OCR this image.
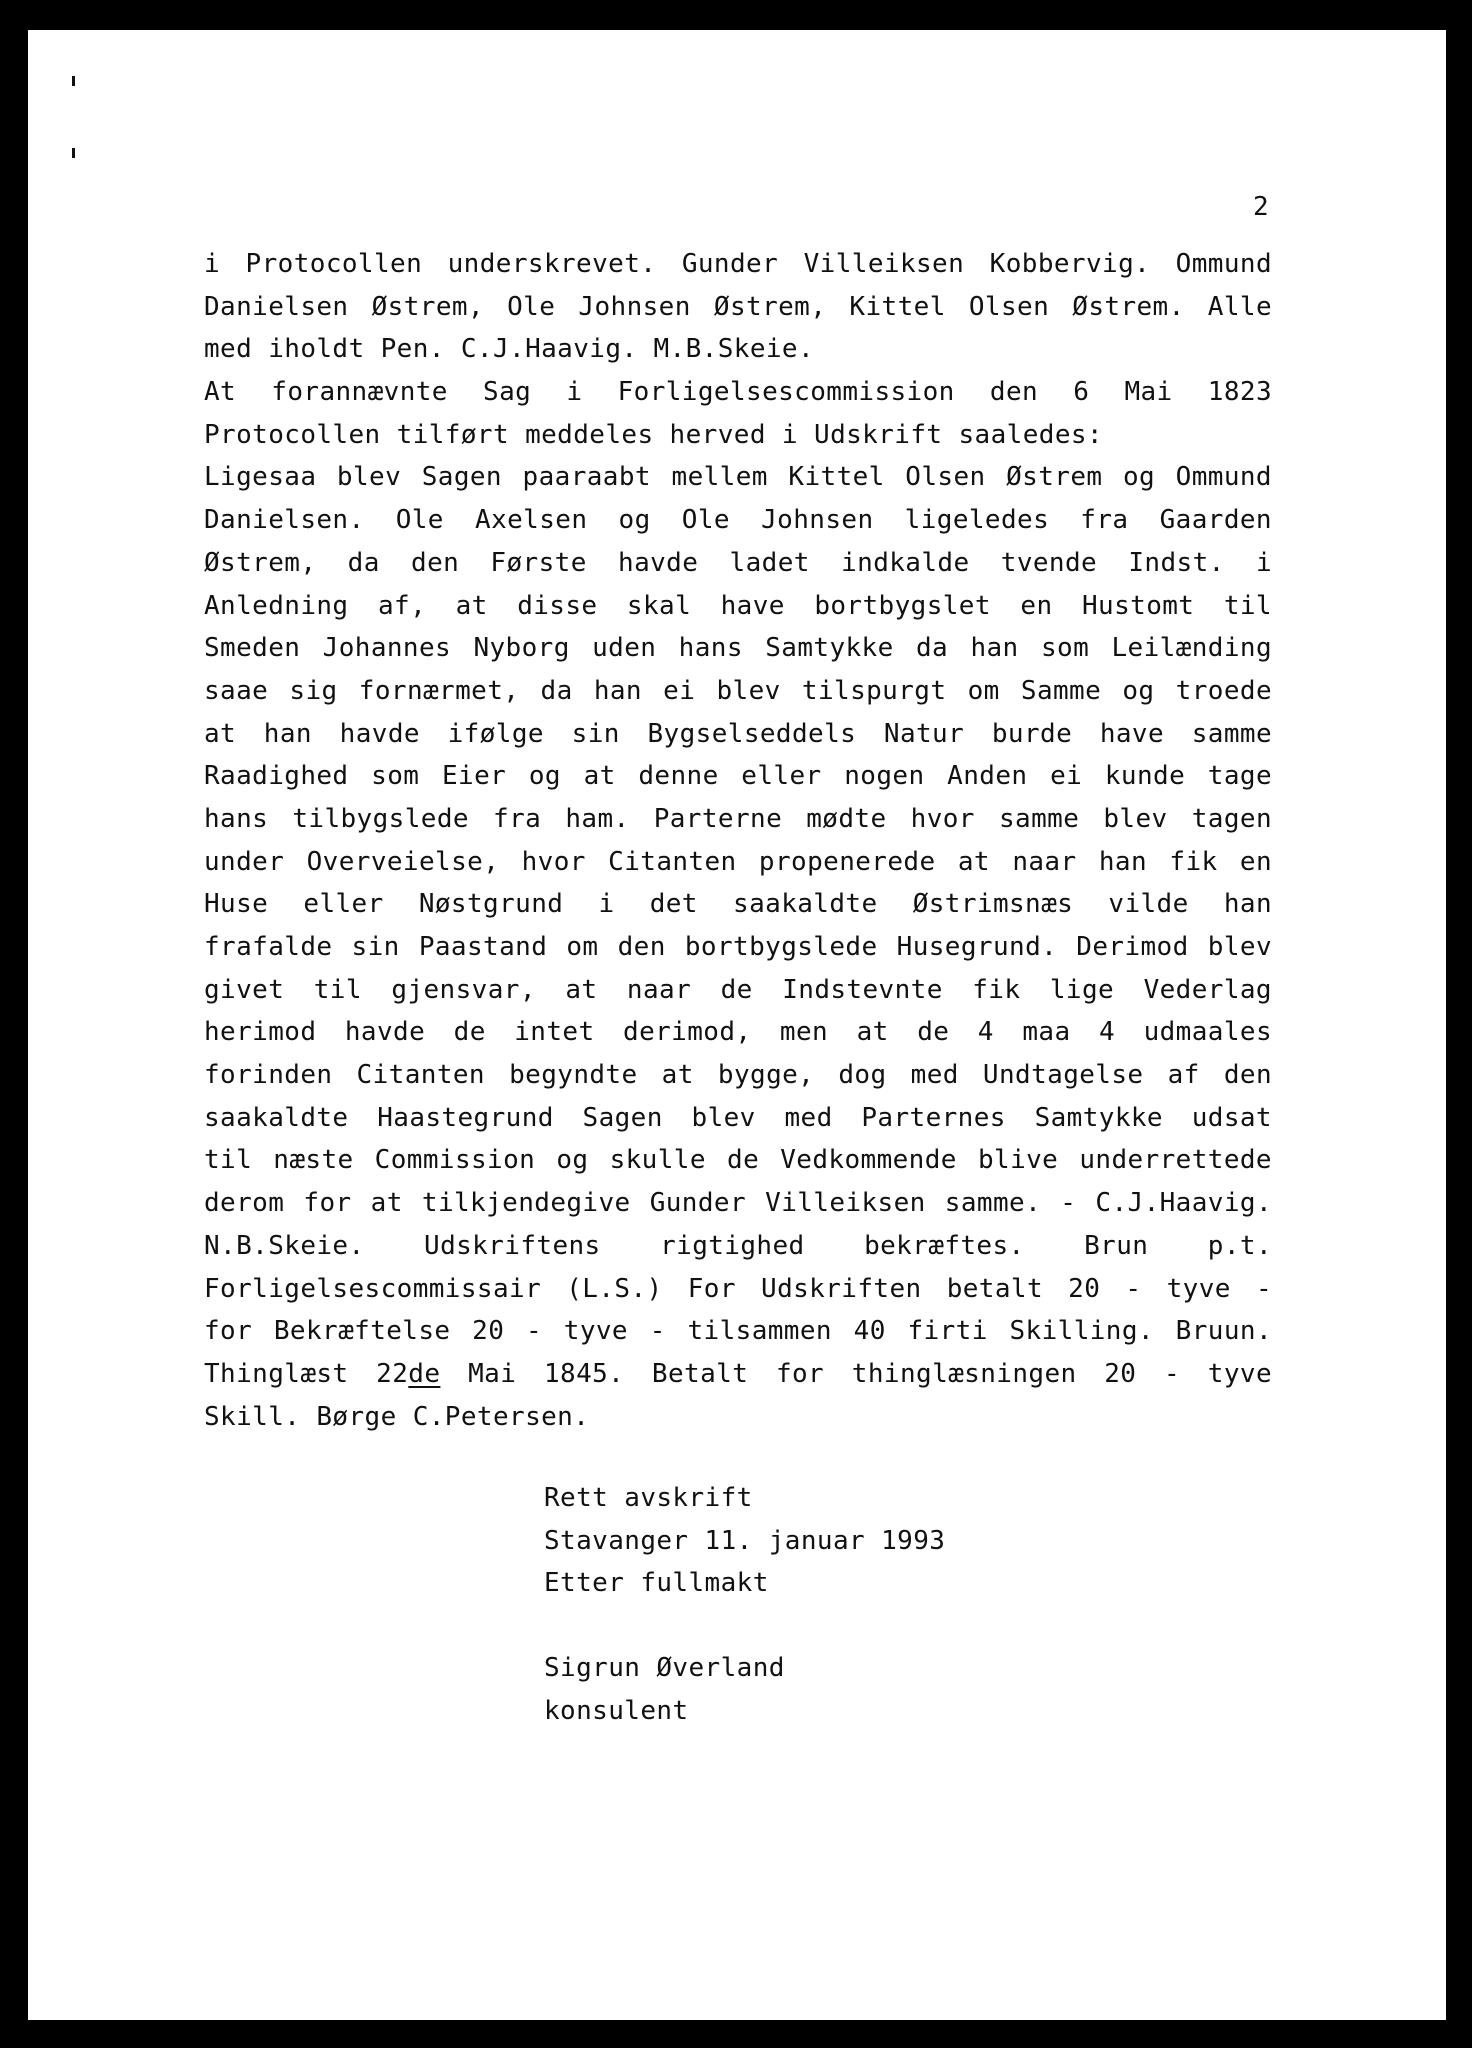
2
i Protocollen underskrevet. Gunder Villeiksen Kobbervig. Ommund
Danielsen Østrem, Ole Johnsen Østrem, Kittel Olsen Østrem. Alle
med iholdt Pen. C.J.Haavig. M.B.Skeie.
At forannævnte Sag i Forligelsescommission den 6 Mai 1823
Protocollen tilført meddeles herved i Udskrift saaledes:
Ligesaa blev Sagen paaraabt mellem Kittel Olsen Østrem og Ommund
Danielsen. Ole Axelsen og Ole Johnsen ligeledes fra Gaarden
Østrem, da den Første havde ladet indkalde tvende Indst. i
Anledning af, at disse skal have bortbygslet en Hustomt til
Smeden Johannes Nyborg uden hans Samtykke da han som Leilænding
saae sig fornærmet, da han ei blev tilspurgt om Samme og troede
at han havde ifølge sin Bygselseddels Natur burde have samme
Raadighed som Eier og at denne eller nogen Anden ei kunde tage
hans tilbygslede fra ham. Parterne mødte hvor samme blev tagen
under Overveielse, hvor Citanten propenerede at naar han fik en
Huse eller Nøstgrund i det saakaldte Østrimsnæs vilde han
frafalde sin Paastand om den bortbygslede Husegrund. Derimod blev
givet til gjensvar, at naar de Indstevnte fik lige Vederlag
herimod havde de intet derimod, men at de 4 maa 4 udmaales
forinden Citanten begyndte at bygge, dog med Undtagelse af den
saakaldte Haastegrund Sagen blev med Parternes Samtykke udsat
til næste Commission og skulle de Vedkommende blive underrettede
derom for at tilkjendegive Gunder Villeiksen samme. - C.J.Haavig.
N.B.Skeie. Udskriftens rigtighed bekræftes. Brun p.t.
Forligelsescommissair (L.S.) For Udskriften betalt 20 - tyve -
for Bekræftelse 20 - tyve - tilsammen 40 firti Skilling. Bruun.
Thinglæst 22de Mai 1845. Betalt for thinglæsningen 20 - tyve
Skill. Børge C.Petersen.
Rett avskrift
Stavanger 11. januar 1993
Etter fullmakt
Sigrun Øverland
konsulent
